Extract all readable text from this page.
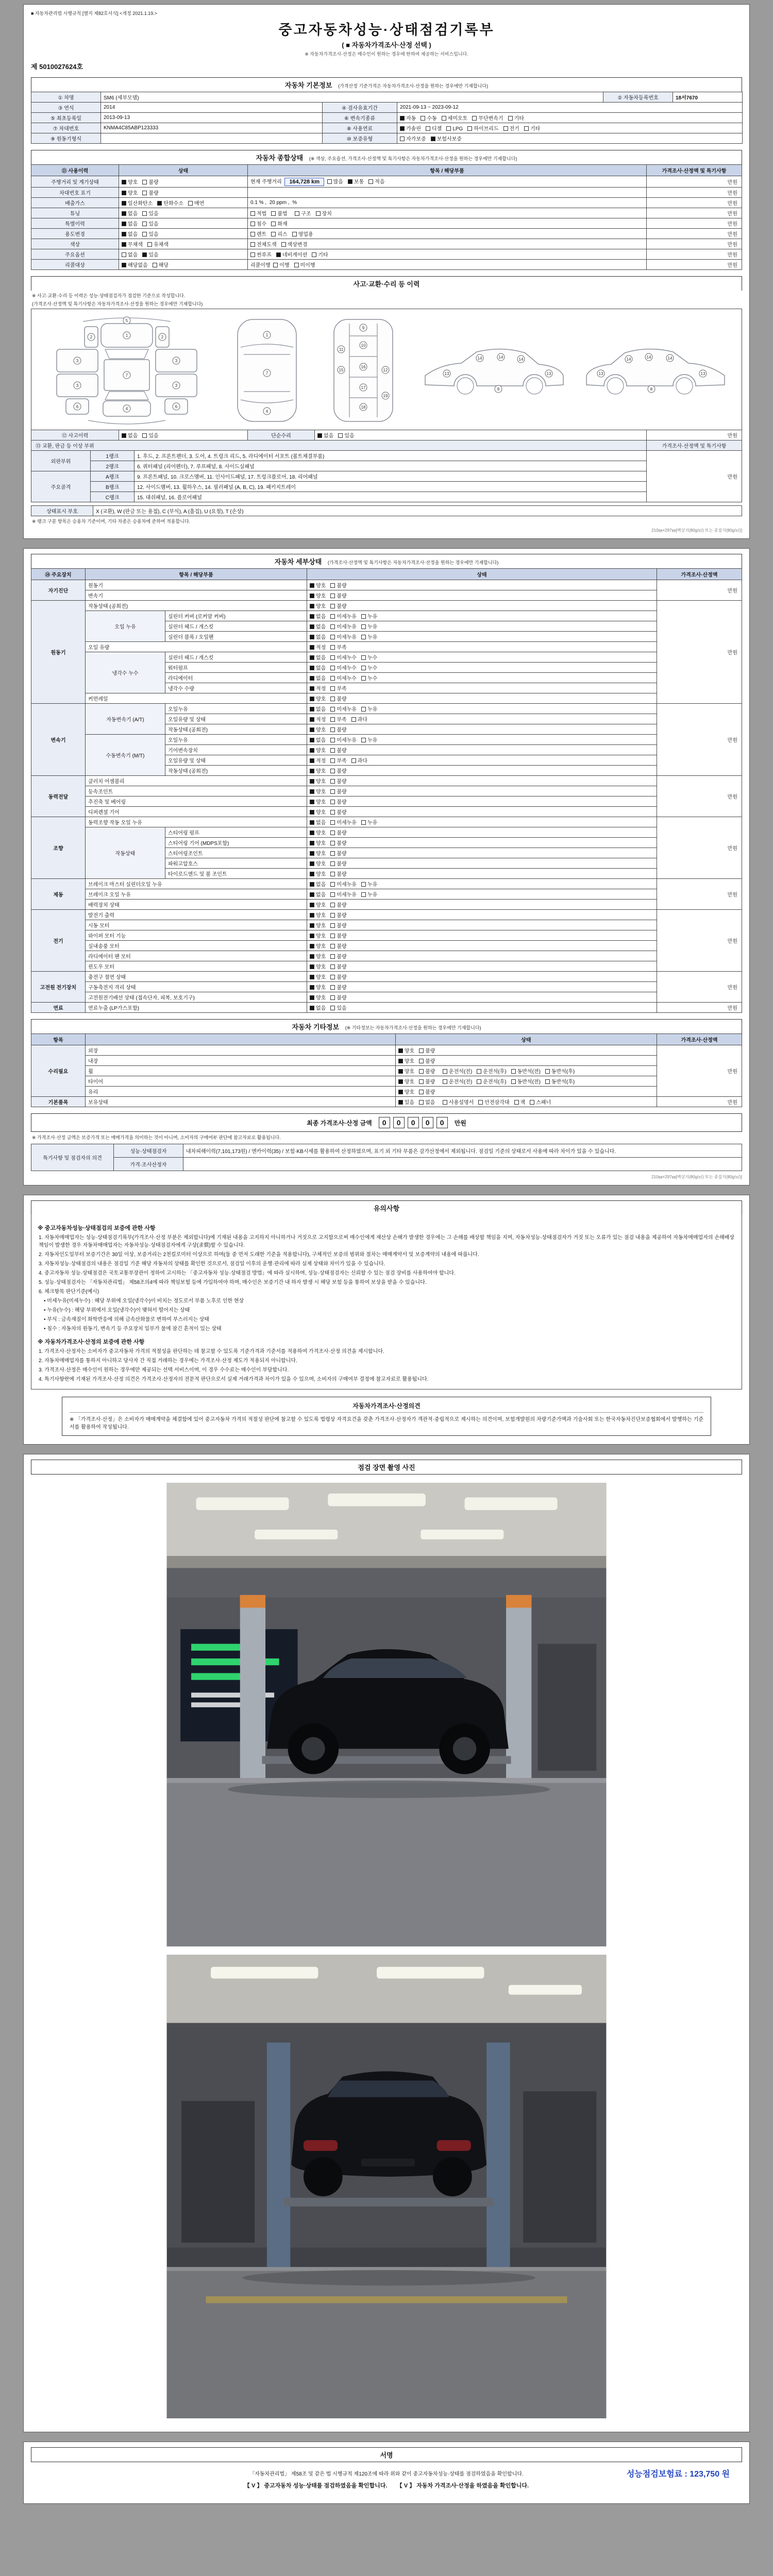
■ 자동차관리법 시행규칙 [별지 제82호서식] <개정 2021.1.19.>
중고자동차성능·상태점검기록부
( ■ 자동차가격조사·산정 선택 )
※ 자동차가격조사·산정은 매수인이 원하는 경우에 한하여 제공하는 서비스입니다.
제 5010027624호
자동차 기본정보 (가격산정 기준가격은 자동차가격조사·산정을 원하는 경우에만 기재합니다)
① 차명	SM6 (세부모델)			② 자동차등록번호	18서7670
③ 연식	2014	④ 검사유효기간	2021-09-13 ~ 2023-09-12		
⑤ 최초등록일	2013-09-13	⑥ 변속기종류	자동 수동 세미오토 무단변속기 기타		
⑦ 차대번호	KNMA4C85ABP123333	⑧ 사용연료	가솔린 디젤 LPG 하이브리드 전기 기타		
⑨ 원동기형식		⑩ 보증유형	자가보증 보험사보증		
자동차 종합상태 (※ 색상, 주요옵션, 가격조사·산정액 및 특기사항은 자동차가격조사·산정을 원하는 경우에만 기재합니다)
⑪ 사용이력	상태	항목 / 해당부품	가격조사·산정액 및 특기사항
주행거리 및 계기상태	양호 불량	현재 주행거리 164,728 km 많음 보통 적음	만원
차대번호 표기	양호 불량		만원
배출가스	일산화탄소 탄화수소 매연	0.1 % , 20 ppm , %	만원
튜닝	없음 있음	적법 불법 구조 장치	만원
특별이력	없음 있음	침수 화재	만원
용도변경	없음 있음	렌트 리스 영업용	만원
색상	무채색 유채색	전체도색 색상변경	만원
주요옵션	없음 있음	썬루프 네비게이션 기타	만원
리콜대상	해당없음 해당	리콜이행 이행 미이행	만원
사고·교환·수리 등 이력
※ 사고·교환·수리 등 이력은 성능·상태점검자가 점검한 기준으로 작성합니다.
(가격조사·산정액 및 특기사항은 자동차가격조사·산정을 원하는 경우에만 기재합니다)
1
2	2
3
3
3
3
7
4
6	6
5
1
7
4
9
10
11
12
15
16
17
18
19
14	14	14
13	13
8
14	14	14
13	13
8
⑫ 사고이력	없음 있음	단순수리	없음 있음	만원
⑬ 교환, 판금 등 이상 부위			가격조사·산정액 및 특기사항
외판부위	1랭크	1. 후드, 2. 프론트펜더, 3. 도어, 4. 트렁크 리드, 5. 라디에이터 서포트 (볼트체결부품)	만원
	2랭크	6. 쿼터패널 (리어펜더), 7. 루프패널, 8. 사이드실패널	
주요골격	A랭크	9. 프론트패널, 10. 크로스멤버, 11. 인사이드패널, 17. 트렁크플로어, 18. 리어패널	
	B랭크	12. 사이드멤버, 13. 휠하우스, 14. 필러패널 (A, B, C), 19. 패키지트레이	
	C랭크	15. 대쉬패널, 16. 플로어패널	
상태표시 부호	X (교환), W (판금 또는 용접), C (부식), A (흠집), U (요철), T (손상)
※ 랭크 구분 항목은 승용차 기준이며, 기타 차종은 승용차에 준하여 적용합니다.
210㎜×297㎜[백상지(80g/㎡) 또는 중질지(80g/㎡)]
자동차 세부상태 (가격조사·산정액 및 특기사항은 자동차가격조사·산정을 원하는 경우에만 기재합니다)
⑭ 주요장치	항목 / 해당부품		상태	가격조사·산정액
자기진단	원동기		양호 불량	만원
	변속기		양호 불량	
원동기	작동상태 (공회전)		양호 불량	만원
	오일 누유	실린더 커버 (로커암 커버)	없음 미세누유 누유	
		실린더 헤드 / 개스킷	없음 미세누유 누유	
		실린더 블록 / 오일팬	없음 미세누유 누유	
	오일 유량		적정 부족	
	냉각수 누수	실린더 헤드 / 개스킷	없음 미세누수 누수	
		워터펌프	없음 미세누수 누수	
		라디에이터	없음 미세누수 누수	
		냉각수 수량	적정 부족	
	커먼레일		양호 불량	
변속기	자동변속기 (A/T)	오일누유	없음 미세누유 누유	만원
		오일유량 및 상태	적정 부족 과다	
		작동상태 (공회전)	양호 불량	
	수동변속기 (M/T)	오일누유	없음 미세누유 누유	
		기어변속장치	양호 불량	
		오일유량 및 상태	적정 부족 과다	
		작동상태 (공회전)	양호 불량	
동력전달	클러치 어셈블리		양호 불량	만원
	등속조인트		양호 불량	
	추진축 및 베어링		양호 불량	
	디퍼렌셜 기어		양호 불량	
조향	동력조향 작동 오일 누유		없음 미세누유 누유	만원
	작동상태	스티어링 펌프	양호 불량	
		스티어링 기어 (MDPS포함)	양호 불량	
		스티어링조인트	양호 불량	
		파워고압호스	양호 불량	
		타이로드엔드 및 볼 조인트	양호 불량	
제동	브레이크 마스터 실린더오일 누유		없음 미세누유 누유	만원
	브레이크 오일 누유		없음 미세누유 누유	
	배력장치 상태		양호 불량	
전기	발전기 출력		양호 불량	만원
	시동 모터		양호 불량	
	와이퍼 모터 기능		양호 불량	
	실내송풍 모터		양호 불량	
	라디에이터 팬 모터		양호 불량	
	윈도우 모터		양호 불량	
고전원 전기장치	충전구 절연 상태		양호 불량	만원
	구동축전지 격리 상태		양호 불량	
	고전원전기배선 상태 (접속단자, 피복, 보호기구)		양호 불량	
연료	연료누출 (LP가스포함)		없음 있음	만원
자동차 기타정보 (※ 기타정보는 자동차가격조사·산정을 원하는 경우에만 기재합니다)
항목		상태	가격조사·산정액
수리필요	외장	양호 불량	만원
	내장	양호 불량	
	휠	양호 불량 운전석(전) 운전석(후) 동반석(전) 동반석(후)	
	타이어	양호 불량 운전석(전) 운전석(후) 동반석(전) 동반석(후)	
	유리	양호 불량	
기본품목	보유상태	있음 없음 사용설명서 안전삼각대 잭 스패너	만원
최종 가격조사·산정 금액	0 0 0 0 0	만원
※ 가격조사·산정 금액은 보증가격 또는 매매가격을 의미하는 것이 아니며, 소비자의 구매여부 판단에 참고자료로 활용됩니다.
특기사항 및 점검자의 의견	성능·상태점검자	내차피해이력(7,101,173원) / 엔카이력(35) / 보험·KB시세를 활용하여 산정하였으며, 표기 외 기타 부품은 감가산정에서 제외됩니다. 점검일 기준의 상태로서 사용에 따라 차이가 있을 수 있습니다.
	가격·조사산정자	
210㎜×297㎜[백상지(80g/㎡) 또는 중질지(80g/㎡)]
유의사항
※ 중고자동차성능·상태점검의 보증에 관한 사항
1. 자동차매매업자는 성능·상태점검기록부(가격조사·산정 부분은 제외합니다)에 기재된 내용을 고지하지 아니하거나 거짓으로 고지함으로써 매수인에게 재산상 손해가 발생한 경우에는 그 손해를 배상할 책임을 지며, 자동차성능·상태점검자가 거짓 또는 오류가 있는 점검 내용을 제공하여 자동차매매업자의 손해배상 책임이 발생한 경우 자동차매매업자는 자동차성능·상태점검자에게 구상(求償)할 수 있습니다.
2. 자동차인도일부터 보증기간은 30일 이상, 보증거리는 2천킬로미터 이상으로 하며(둘 중 먼저 도래한 기준을 적용합니다), 구체적인 보증의 범위와 절차는 매매계약서 및 보증계약의 내용에 따릅니다.
3. 자동차성능·상태점검의 내용은 점검일 기준 해당 자동차의 상태를 확인한 것으로서, 점검일 이후의 운행·관리에 따라 실제 상태와 차이가 있을 수 있습니다.
4. 중고자동차 성능·상태점검은 국토교통부장관이 정하여 고시하는 「중고자동차 성능·상태점검 방법」에 따라 실시하며, 성능·상태점검자는 신뢰할 수 있는 점검 장비를 사용하여야 합니다.
5. 성능·상태점검자는 「자동차관리법」 제58조의4에 따라 책임보험 등에 가입하여야 하며, 매수인은 보증기간 내 하자 발생 시 해당 보험 등을 통하여 보상을 받을 수 있습니다.
6. 체크항목 판단기준(예시)
　• 미세누유(미세누수) : 해당 부위에 오일(냉각수)이 비치는 정도로서 부품 노후로 인한 현상
　• 누유(누수) : 해당 부위에서 오일(냉각수)이 맺혀서 떨어지는 상태
　• 부식 : 금속재질이 화학반응에 의해 금속산화물로 변하여 부스러지는 상태
　• 침수 : 자동차의 원동기, 변속기 등 주요장치 일부가 물에 잠긴 흔적이 있는 상태
※ 자동차가격조사·산정의 보증에 관한 사항
1. 가격조사·산정자는 소비자가 중고자동차 가격의 적절성을 판단하는 데 참고할 수 있도록 기준가격과 기준서를 적용하여 가격조사·산정 의견을 제시합니다.
2. 자동차매매업자를 통하지 아니하고 당사자 간 직접 거래하는 경우에는 가격조사·산정 제도가 적용되지 아니합니다.
3. 가격조사·산정은 매수인이 원하는 경우에만 제공되는 선택 서비스이며, 이 경우 수수료는 매수인이 부담합니다.
4. 특기사항란에 기재된 가격조사·산정 의견은 가격조사·산정자의 전문적 판단으로서 실제 거래가격과 차이가 있을 수 있으며, 소비자의 구매여부 결정에 참고자료로 활용됩니다.
자동차가격조사·산정의견
※ 「가격조사·산정」은 소비자가 매매계약을 체결함에 있어 중고자동차 가격의 적절성 판단에 참고할 수 있도록 법령상 자격요건을 갖춘 가격조사·산정자가 객관적·중립적으로 제시하는 의견이며, 보험개발원의 차량기준가액과 기술사회 또는 한국자동차진단보증협회에서 발행하는 기준서를 활용하여 작성됩니다.
점검 장면 촬영 사진
서명
성능점검보험료 : 123,750 원
「자동차관리법」 제58조 및 같은 법 시행규칙 제120조에 따라 위와 같이 중고자동차성능·상태를 점검하였음을 확인합니다.
【 V 】 중고자동차 성능·상태를 점검하였음을 확인합니다. 【 V 】 자동차 가격조사·산정을 하였음을 확인합니다.
